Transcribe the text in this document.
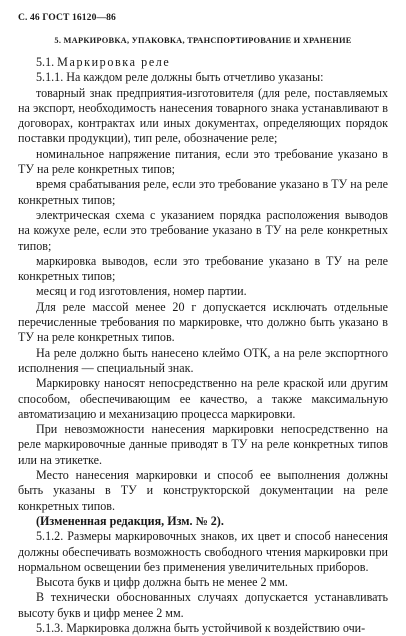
С. 46 ГОСТ 16120—86
5. МАРКИРОВКА, УПАКОВКА, ТРАНСПОРТИРОВАНИЕ И ХРАНЕНИЕ

5.1. Маркировка реле

5.1.1. На каждом реле должны быть отчетливо указаны:

товарный знак предприятия-изготовителя (для реле, поставляемых на экспорт, необходимость нанесения товарного знака устанавливают в договорах, контрактах или иных документах, определяющих порядок поставки продукции), тип реле, обозначение реле;

номинальное напряжение питания, если это требование указано в ТУ на реле конкретных типов;

время срабатывания реле, если это требование указано в ТУ на реле конкретных типов;

электрическая схема с указанием порядка расположения выводов на кожухе реле, если это требование указано в ТУ на реле конкретных типов;

маркировка выводов, если это требование указано в ТУ на реле конкретных типов;

месяц и год изготовления, номер партии.

Для реле массой менее 20 г допускается исключать отдельные перечисленные требования по маркировке, что должно быть указано в ТУ на реле конкретных типов.

На реле должно быть нанесено клеймо ОТК, а на реле экспортного исполнения — специальный знак.

Маркировку наносят непосредственно на реле краской или другим способом, обеспечивающим ее качество, а также максимальную автоматизацию и механизацию процесса маркировки.

При невозможности нанесения маркировки непосредственно на реле маркировочные данные приводят в ТУ на реле конкретных типов или на этикетке.

Место нанесения маркировки и способ ее выполнения должны быть указаны в ТУ и конструкторской документации на реле конкретных типов.

(Измененная редакция, Изм. № 2).

5.1.2. Размеры маркировочных знаков, их цвет и способ нанесения должны обеспечивать возможность свободного чтения маркировки при нормальном освещении без применения увеличительных приборов.

Высота букв и цифр должна быть не менее 2 мм.

В технически обоснованных случаях допускается устанавливать высоту букв и цифр менее 2 мм.

5.1.3. Маркировка должна быть устойчивой к воздействию очи-
